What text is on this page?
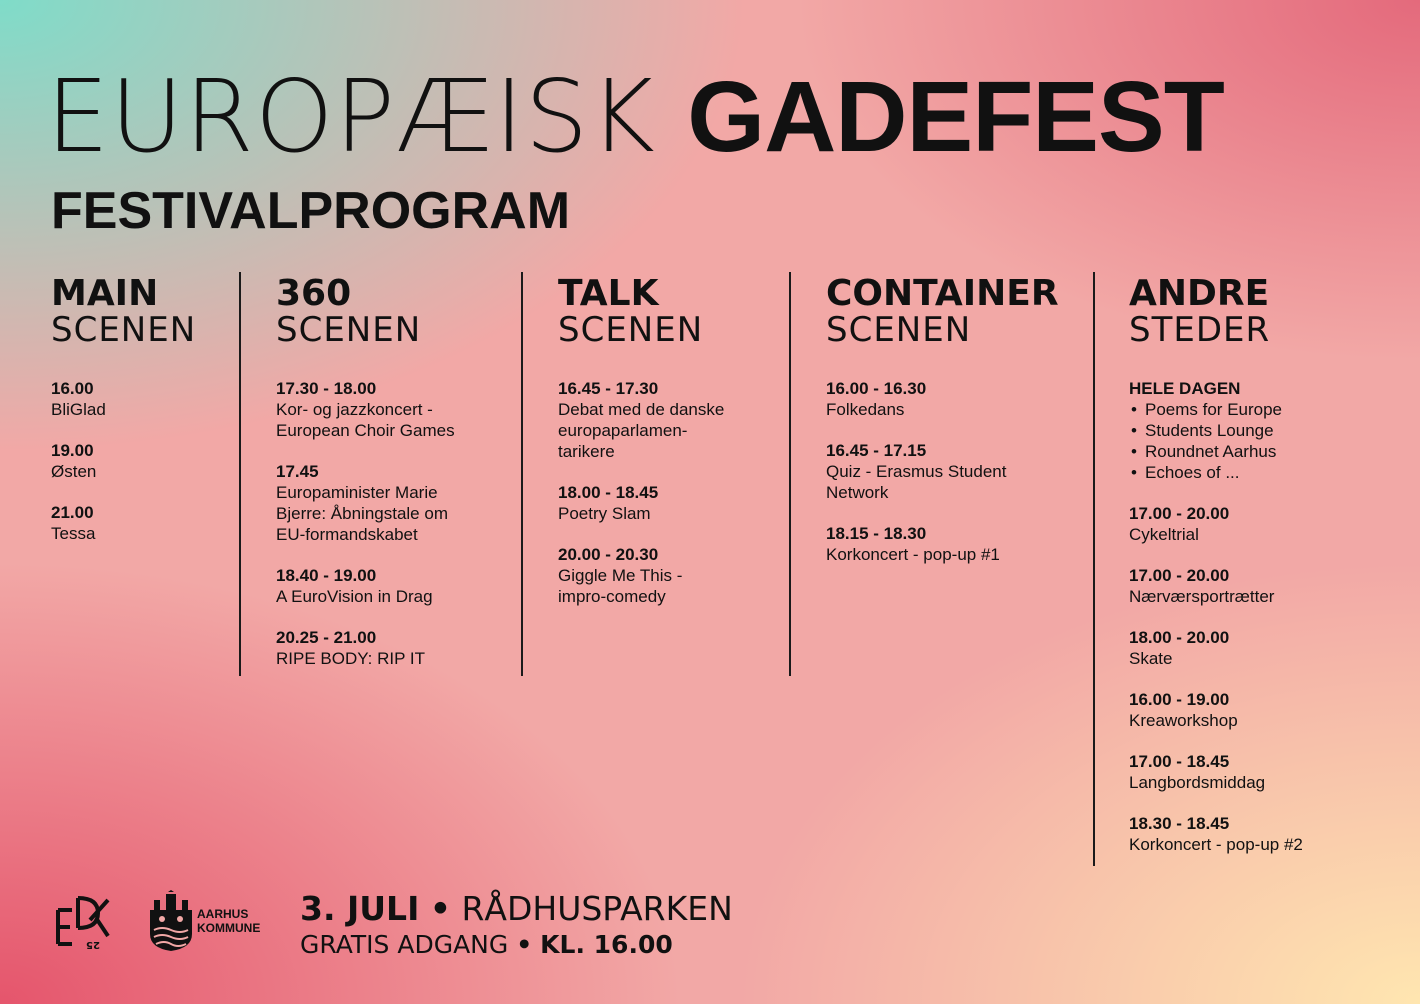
EUROPÆISK GADEFEST
FESTIVALPROGRAM
MAIN
SCENEN
16.00
BliGlad
19.00
Østen
21.00
Tessa
360
SCENEN
17.30 - 18.00
Kor- og jazzkoncert -
European Choir Games
17.45
Europaminister Marie
Bjerre: Åbningstale om
EU-formandskabet
18.40 - 19.00
A EuroVision in Drag
20.25 - 21.00
RIPE BODY: RIP IT
TALK
SCENEN
16.45 - 17.30
Debat med de danske
europaparlamen-
tarikere
18.00 - 18.45
Poetry Slam
20.00 - 20.30
Giggle Me This -
impro-comedy
CONTAINER
SCENEN
16.00 - 16.30
Folkedans
16.45 - 17.15
Quiz - Erasmus Student
Network
18.15 - 18.30
Korkoncert - pop-up #1
ANDRE
STEDER
HELE DAGEN
• Poems for Europe
• Students Lounge
• Roundnet Aarhus
• Echoes of ...
17.00 - 20.00
Cykeltrial
17.00 - 20.00
Nærværsportrætter
18.00 - 20.00
Skate
16.00 - 19.00
Kreaworkshop
17.00 - 18.45
Langbordsmiddag
18.30 - 18.45
Korkoncert - pop-up #2
25
AARHUS
KOMMUNE 3. JULI • RÅDHUSPARKEN
GRATIS ADGANG • KL. 16.00
